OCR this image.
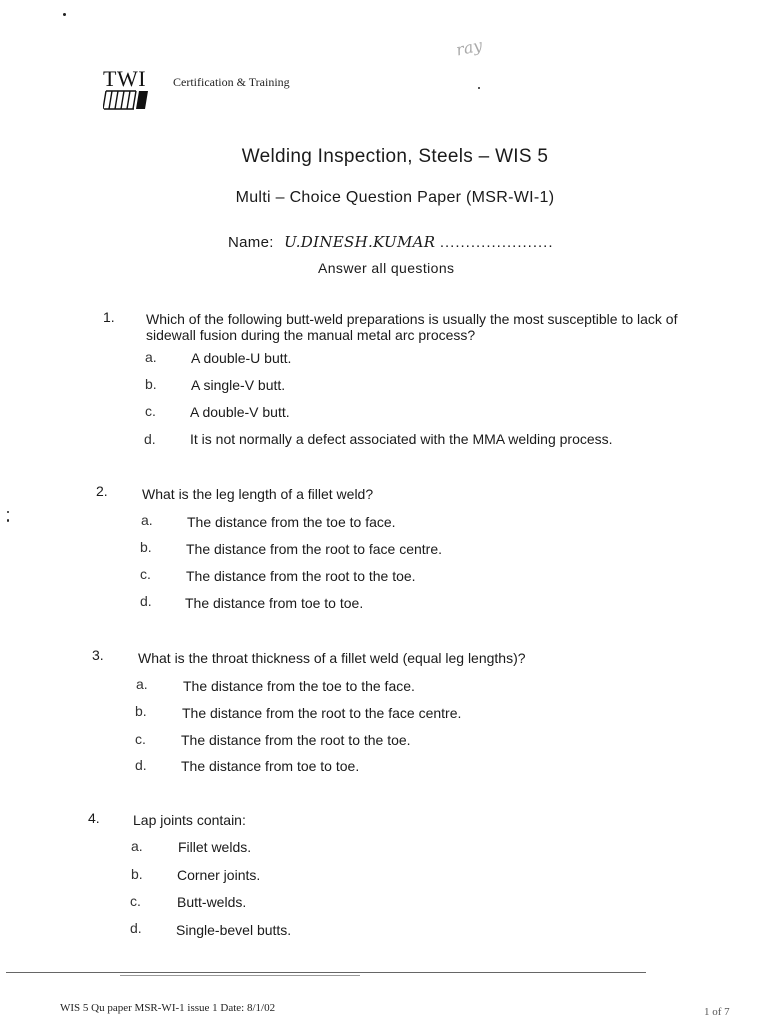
TWI Certification & Training
ray
Welding Inspection, Steels – WIS 5
Multi – Choice Question Paper (MSR-WI-1)
Name: U.DINESH.KUMAR ......................
Answer all questions
1. Which of the following butt-weld preparations is usually the most susceptible to lack of sidewall fusion during the manual metal arc process?
a. A double-U butt.
b. A single-V butt.
c. A double-V butt.
d. It is not normally a defect associated with the MMA welding process.
2. What is the leg length of a fillet weld?
a. The distance from the toe to face.
b. The distance from the root to face centre.
c.	The distance from the root to the toe.
d. The distance from toe to toe.
3. What is the throat thickness of a fillet weld (equal leg lengths)?
a.	The distance from the toe to the face.
b.	The distance from the root to the face centre.
c.	The distance from the root to the toe.
d. The distance from toe to toe.
4. Lap joints contain:
a.	Fillet welds.
b. Corner joints.
c.	Butt-welds.
d. Single-bevel butts.
WIS 5 Qu paper MSR-WI-1 issue 1 Date: 8/1/02	1 of 7
